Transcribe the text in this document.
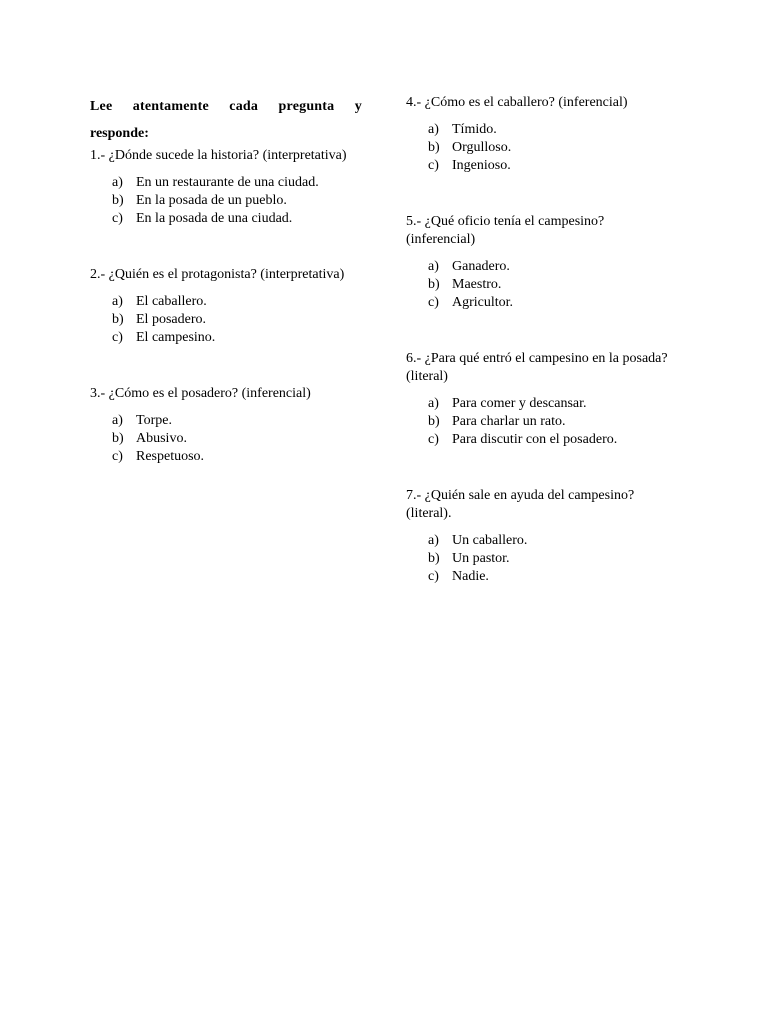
Lee atentamente cada pregunta y

responde:

1.- ¿Dónde sucede la historia? (interpretativa)

a) En un restaurante de una ciudad.
b) En la posada de un pueblo.
c) En la posada de una ciudad.

2.- ¿Quién es el protagonista? (interpretativa)

a) El caballero.
b) El posadero.
c) El campesino.

3.- ¿Cómo es el posadero? (inferencial)

a) Torpe.
b) Abusivo.
c) Respetuoso.

4.- ¿Cómo es el caballero? (inferencial)

a) Tímido.
b) Orgulloso.
c) Ingenioso.

5.- ¿Qué oficio tenía el campesino? (inferencial)

a) Ganadero.
b) Maestro.
c) Agricultor.

6.- ¿Para qué entró el campesino en la posada? (literal)

a) Para comer y descansar.
b) Para charlar un rato.
c) Para discutir con el posadero.

7.- ¿Quién sale en ayuda del campesino? (literal).

a) Un caballero.
b) Un pastor.
c) Nadie.
